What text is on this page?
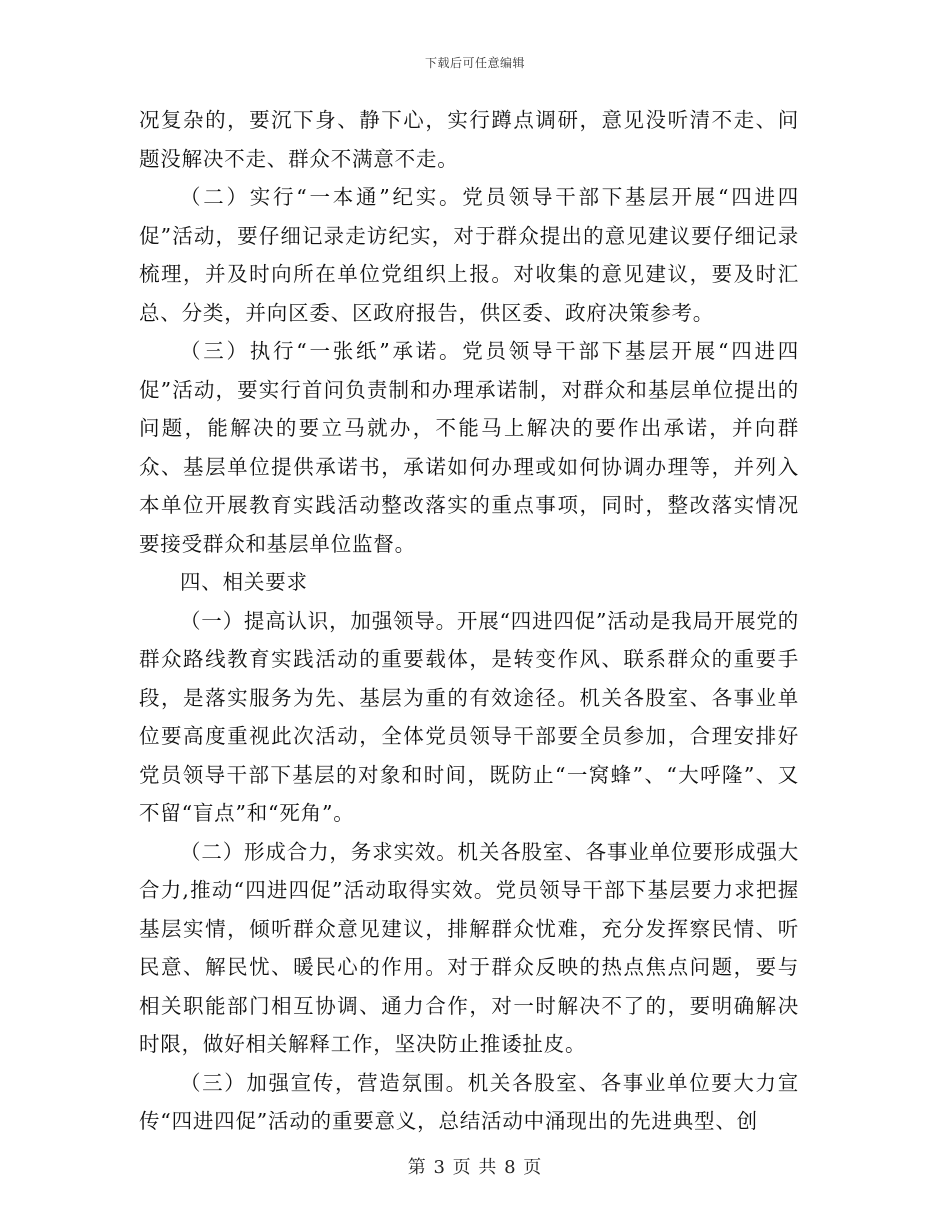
下载后可任意编辑

况复杂的，要沉下身、静下心，实行蹲点调研，意见没听清不走、问题没解决不走、群众不满意不走。

（二）实行“一本通”纪实。党员领导干部下基层开展“四进四促”活动，要仔细记录走访纪实，对于群众提出的意见建议要仔细记录梳理，并及时向所在单位党组织上报。对收集的意见建议，要及时汇总、分类，并向区委、区政府报告，供区委、政府决策参考。

（三）执行“一张纸”承诺。党员领导干部下基层开展“四进四促”活动，要实行首问负责制和办理承诺制，对群众和基层单位提出的问题，能解决的要立马就办，不能马上解决的要作出承诺，并向群众、基层单位提供承诺书，承诺如何办理或如何协调办理等，并列入本单位开展教育实践活动整改落实的重点事项，同时，整改落实情况要接受群众和基层单位监督。

四、相关要求

（一）提高认识，加强领导。开展“四进四促”活动是我局开展党的群众路线教育实践活动的重要载体，是转变作风、联系群众的重要手段，是落实服务为先、基层为重的有效途径。机关各股室、各事业单位要高度重视此次活动，全体党员领导干部要全员参加，合理安排好党员领导干部下基层的对象和时间，既防止“一窝蜂”、“大呼隆”、又不留“盲点”和“死角”。

（二）形成合力，务求实效。机关各股室、各事业单位要形成强大合力,推动“四进四促”活动取得实效。党员领导干部下基层要力求把握基层实情，倾听群众意见建议，排解群众忧难，充分发挥察民情、听民意、解民忧、暖民心的作用。对于群众反映的热点焦点问题，要与相关职能部门相互协调、通力合作，对一时解决不了的，要明确解决时限，做好相关解释工作，坚决防止推诿扯皮。

（三）加强宣传，营造氛围。机关各股室、各事业单位要大力宣传“四进四促”活动的重要意义，总结活动中涌现出的先进典型、创

第 3 页 共 8 页
